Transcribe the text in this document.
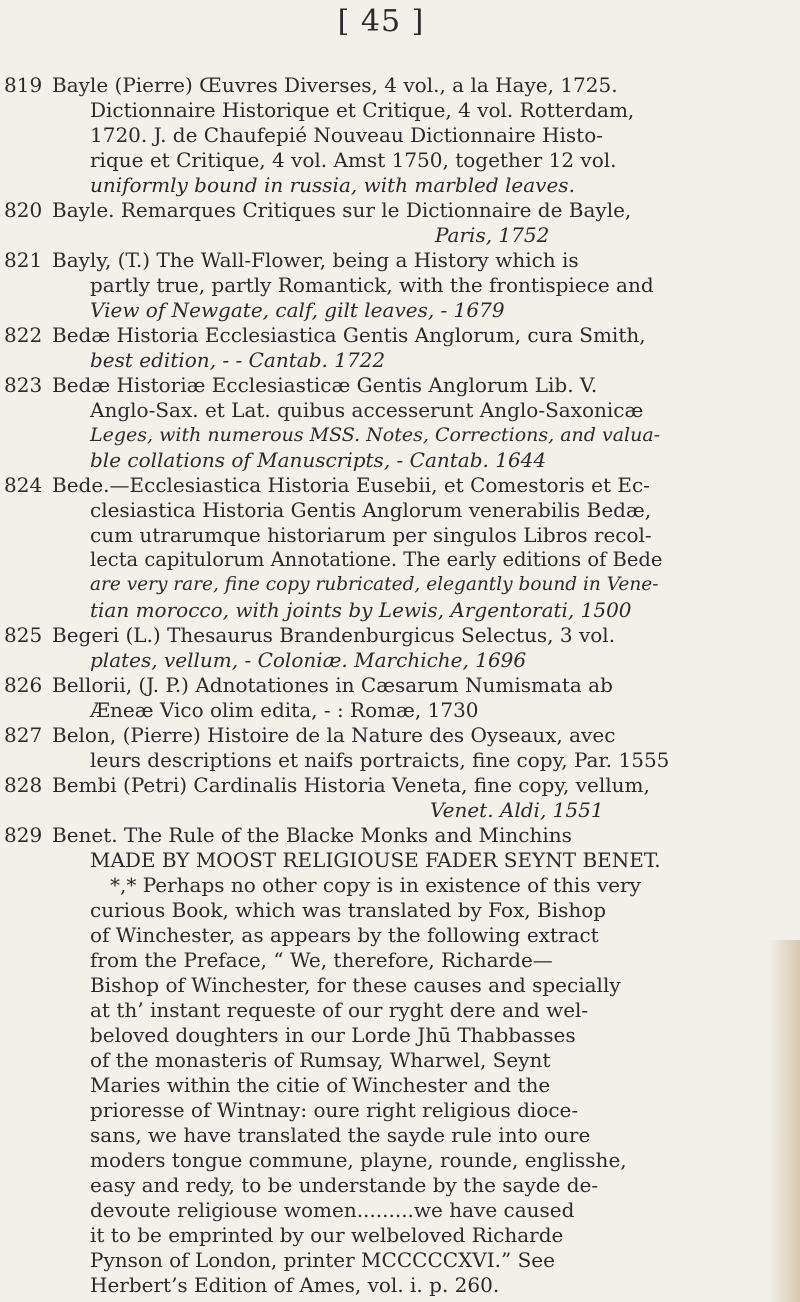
[ 45 ]
819 Bayle (Pierre) Œuvres Diverses, 4 vol., a la Haye, 1725.
Dictionnaire Historique et Critique, 4 vol. Rotterdam,
1720. J. de Chaufepié Nouveau Dictionnaire Histo-
rique et Critique, 4 vol. Amst 1750, together 12 vol.
uniformly bound in russia, with marbled leaves.
820 Bayle. Remarques Critiques sur le Dictionnaire de Bayle,
Paris, 1752
821 Bayly, (T.) The Wall-Flower, being a History which is
partly true, partly Romantick, with the frontispiece and
View of Newgate, calf, gilt leaves, - 1679
822 Bedæ Historia Ecclesiastica Gentis Anglorum, cura Smith,
best edition, - - Cantab. 1722
823 Bedæ Historiæ Ecclesiasticæ Gentis Anglorum Lib. V.
Anglo-Sax. et Lat. quibus accesserunt Anglo-Saxonicæ
Leges, with numerous MSS. Notes, Corrections, and valua-
ble collations of Manuscripts, - Cantab. 1644
824 Bede.—Ecclesiastica Historia Eusebii, et Comestoris et Ec-
clesiastica Historia Gentis Anglorum venerabilis Bedæ,
cum utrarumque historiarum per singulos Libros recol-
lecta capitulorum Annotatione. The early editions of Bede
are very rare, fine copy rubricated, elegantly bound in Vene-
tian morocco, with joints by Lewis, Argentorati, 1500
825 Begeri (L.) Thesaurus Brandenburgicus Selectus, 3 vol.
plates, vellum, - Coloniæ. Marchiche, 1696
826 Bellorii, (J. P.) Adnotationes in Cæsarum Numismata ab
Æneæ Vico olim edita, - : Romæ, 1730
827 Belon, (Pierre) Histoire de la Nature des Oyseaux, avec
leurs descriptions et naifs portraicts, fine copy, Par. 1555
828 Bembi (Petri) Cardinalis Historia Veneta, fine copy, vellum,
Venet. Aldi, 1551
829 Benet. The Rule of the Blacke Monks and Minchins
MADE BY MOOST RELIGIOUSE FADER SEYNT BENET.
*,* Perhaps no other copy is in existence of this very
curious Book, which was translated by Fox, Bishop
of Winchester, as appears by the following extract
from the Preface, “ We, therefore, Richarde—
Bishop of Winchester, for these causes and specially
at th’ instant requeste of our ryght dere and wel-
beloved doughters in our Lorde Jhū Thabbasses
of the monasteris of Rumsay, Wharwel, Seynt
Maries within the citie of Winchester and the
prioresse of Wintnay: oure right religious dioce-
sans, we have translated the sayde rule into oure
moders tongue commune, playne, rounde, englisshe,
easy and redy, to be understande by the sayde de-
devoute religiouse women.........we have caused
it to be emprinted by our welbeloved Richarde
Pynson of London, printer MCCCCCXVI.” See
Herbert’s Edition of Ames, vol. i. p. 260.
